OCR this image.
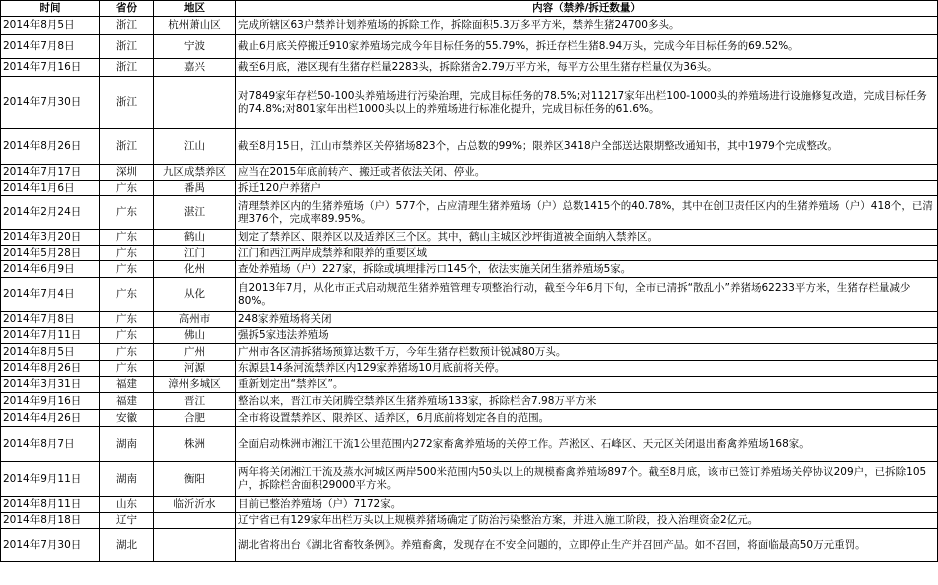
时间	省份	地区	内容（禁养/拆迁数量）
2014年8月5日	浙江	杭州萧山区	完成所辖区63户禁养计划养殖场的拆除工作，拆除面积5.3万多平方米，禁养生猪24700多头。
2014年7月8日	浙江	宁波	截止6月底关停搬迁910家养殖场完成今年目标任务的55.79%，拆迁存栏生猪8.94万头，完成今年目标任务的69.52%。
2014年7月16日	浙江	嘉兴	截至6月底，港区现有生猪存栏量2283头，拆除猪舍2.79万平方米，每平方公里生猪存栏量仅为36头。
2014年7月30日	浙江		对7849家年存栏50-100头养殖场进行污染治理，完成目标任务的78.5%;对11217家年出栏100-1000头的养殖场进行设施修复改造，完成目标任务的74.8%;对801家年出栏1000头以上的养殖场进行标准化提升，完成目标任务的61.6%。
2014年8月26日	浙江	江山	截至8月15日，江山市禁养区关停猪场823个，占总数的99%；限养区3418户全部送达限期整改通知书，其中1979个完成整改。
2014年7月17日	深圳	九区成禁养区	应当在2015年底前转产、搬迁或者依法关闭、停业。
2014年1月6日	广东	番禺	拆迁120户养猪户
2014年2月24日	广东	湛江	清理禁养区内的生猪养殖场（户）577个，占应清理生猪养殖场（户）总数1415个的40.78%，其中在创卫责任区内的生猪养殖场（户）418个，已清理376个，完成率89.95%。
2014年3月20日	广东	鹤山	划定了禁养区、限养区以及适养区三个区。其中，鹤山主城区沙坪街道被全面纳入禁养区。
2014年5月28日	广东	江门	江门和西江两岸成禁养和限养的重要区域
2014年6月9日	广东	化州	查处养殖场（户）227家，拆除或填埋排污口145个，依法实施关闭生猪养殖场5家。
2014年7月4日	广东	从化	自2013年7月，从化市正式启动规范生猪养殖管理专项整治行动，截至今年6月下旬，全市已清拆“散乱小”养猪场62233平方米，生猪存栏量减少80%。
2014年7月8日	广东	高州市	248家养殖场将关闭
2014年7月11日	广东	佛山	强拆5家违法养殖场
2014年8月5日	广东	广州	广州市各区清拆猪场预算达数千万，今年生猪存栏数预计锐减80万头。
2014年8月26日	广东	河源	东源县14条河流禁养区内129家养猪场10月底前将关停。
2014年3月31日	福建	漳州多城区	重新划定出“禁养区”。
2014年9月16日	福建	晋江	整治以来，晋江市关闭腾空禁养区生猪养殖场133家，拆除栏舍7.98万平方米
2014年4月26日	安徽	合肥	全市将设置禁养区、限养区、适养区，6月底前将划定各自的范围。
2014年8月7日	湖南	株洲	全面启动株洲市湘江干流1公里范围内272家畜禽养殖场的关停工作。芦淞区、石峰区、天元区关闭退出畜禽养殖场168家。
2014年9月11日	湖南	衡阳	两年将关闭湘江干流及蒸水河城区两岸500米范围内50头以上的规模畜禽养殖场897个。截至8月底，该市已签订养殖场关停协议209户，已拆除105户，拆除栏舍面积29000平方米。
2014年8月11日	山东	临沂沂水	目前已整治养殖场（户）7172家。
2014年8月18日	辽宁		辽宁省已有129家年出栏万头以上规模养猪场确定了防治污染整治方案，并进入施工阶段，投入治理资金2亿元。
2014年7月30日	湖北		湖北省将出台《湖北省畜牧条例》。养殖畜禽，发现存在不安全问题的，立即停止生产并召回产品。如不召回，将面临最高50万元重罚。
